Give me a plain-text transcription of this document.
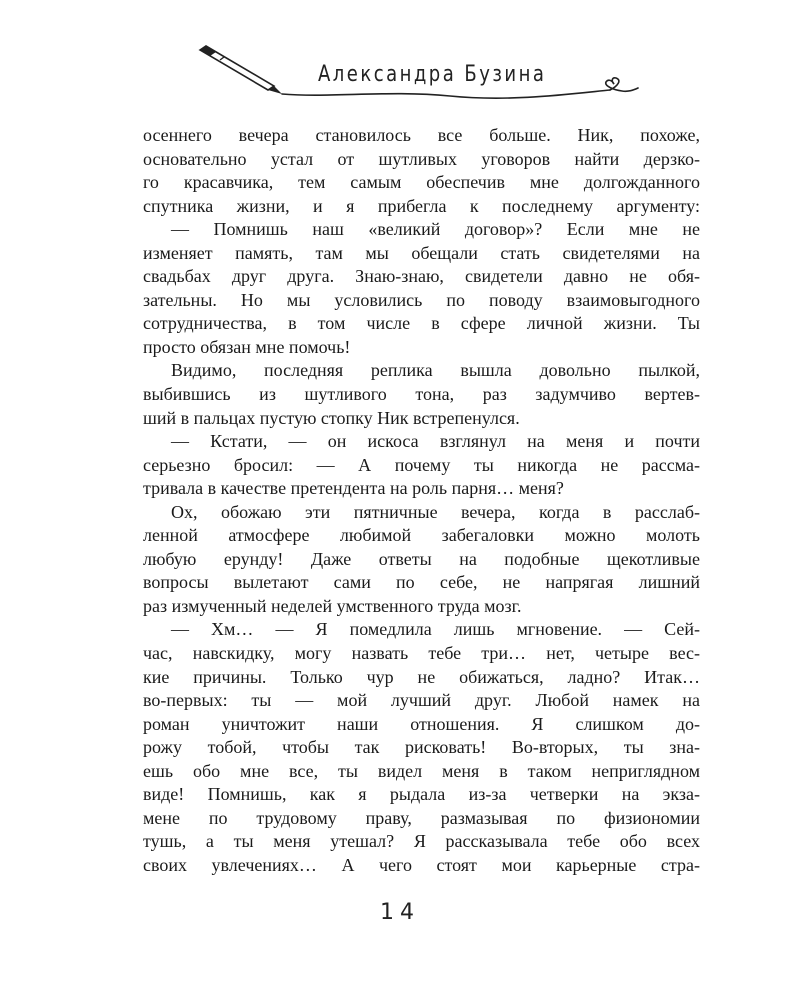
Александра Бузина
осеннего вечера становилось все больше. Ник, похоже,
основательно устал от шутливых уговоров найти дерзко-
го красавчика, тем самым обеспечив мне долгожданного
спутника жизни, и я прибегла к последнему аргументу:
— Помнишь наш «великий договор»? Если мне не
изменяет память, там мы обещали стать свидетелями на
свадьбах друг друга. Знаю-знаю, свидетели давно не обя-
зательны. Но мы условились по поводу взаимовыгодного
сотрудничества, в том числе в сфере личной жизни. Ты
просто обязан мне помочь!
Видимо, последняя реплика вышла довольно пылкой,
выбившись из шутливого тона, раз задумчиво вертев-
ший в пальцах пустую стопку Ник встрепенулся.
— Кстати, — он искоса взглянул на меня и почти
серьезно бросил: — А почему ты никогда не рассма-
тривала в качестве претендента на роль парня… меня?
Ох, обожаю эти пятничные вечера, когда в расслаб-
ленной атмосфере любимой забегаловки можно молоть
любую ерунду! Даже ответы на подобные щекотливые
вопросы вылетают сами по себе, не напрягая лишний
раз измученный неделей умственного труда мозг.
— Хм… — Я помедлила лишь мгновение. — Сей-
час, навскидку, могу назвать тебе три… нет, четыре вес-
кие причины. Только чур не обижаться, ладно? Итак…
во-первых: ты — мой лучший друг. Любой намек на
роман уничтожит наши отношения. Я слишком до-
рожу тобой, чтобы так рисковать! Во-вторых, ты зна-
ешь обо мне все, ты видел меня в таком неприглядном
виде! Помнишь, как я рыдала из-за четверки на экза-
мене по трудовому праву, размазывая по физиономии
тушь, а ты меня утешал? Я рассказывала тебе обо всех
своих увлечениях… А чего стоят мои карьерные стра-
14
